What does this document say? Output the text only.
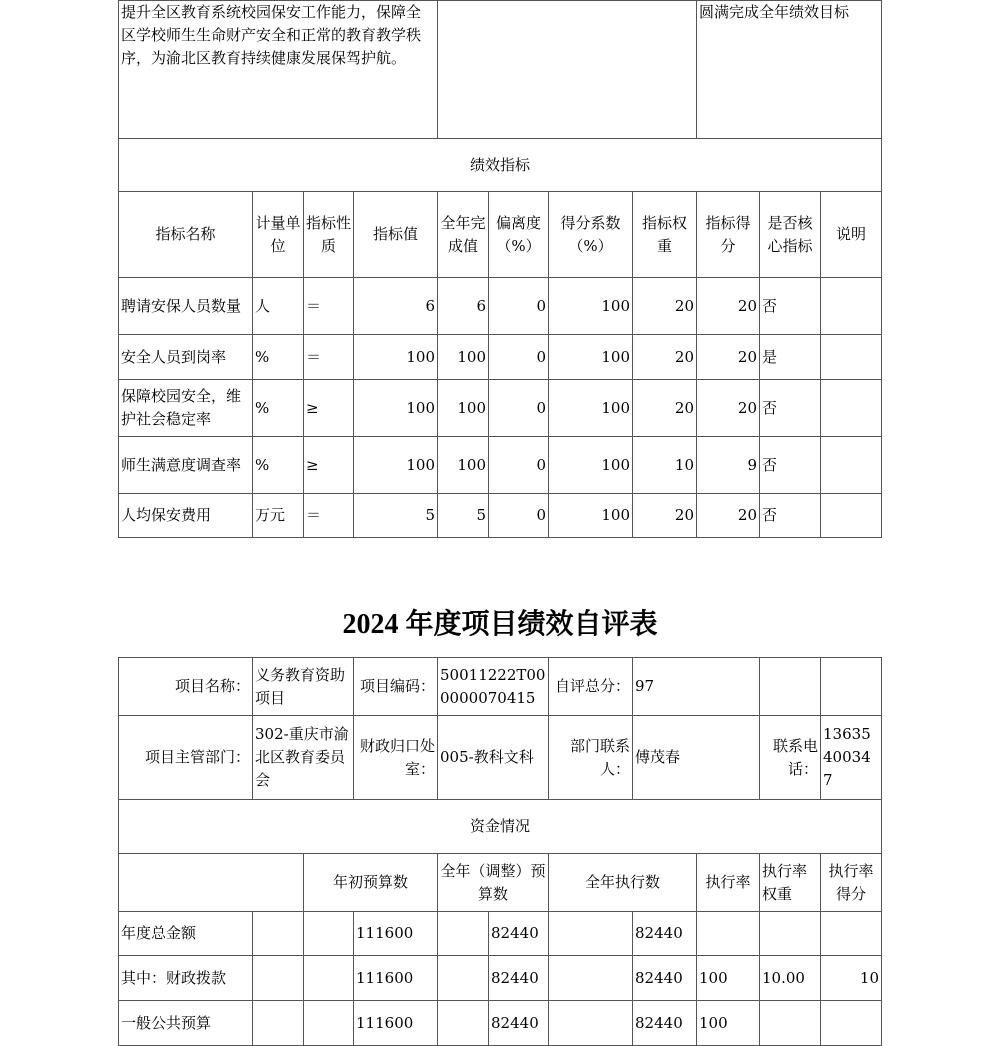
提升全区教育系统校园保安工作能力，保障全区学校师生生命财产安全和正常的教育教学秩序，为渝北区教育持续健康发展保驾护航。								圆满完成全年绩效目标		
绩效指标										
指标名称	计量单位	指标性质	指标值	全年完成值	偏离度（%）	得分系数（%）	指标权重	指标得分	是否核心指标	说明
聘请安保人员数量	人	＝	6	6	0	100	20	20	否	
安全人员到岗率	%	＝	100	100	0	100	20	20	是	
保障校园安全，维护社会稳定率	%	≥	100	100	0	100	20	20	否	
师生满意度调查率	%	≥	100	100	0	100	10	9	否	
人均保安费用	万元	＝	5	5	0	100	20	20	否	
2024 年度项目绩效自评表
项目名称：	义务教育资助项目		项目编码：	50011222T000000070415		自评总分：	97			
项目主管部门：	302-重庆市渝北区教育委员会		财政归口处室：	005-教科文科		部门联系人：	傅茂春		联系电话：	13635400347
资金情况										
		年初预算数		全年（调整）预算数		全年执行数		执行率	执行率权重	执行率得分
年度总金额			111600		82440		82440			
其中：财政拨款			111600		82440		82440	100	10.00	10
一般公共预算			111600		82440		82440	100		
